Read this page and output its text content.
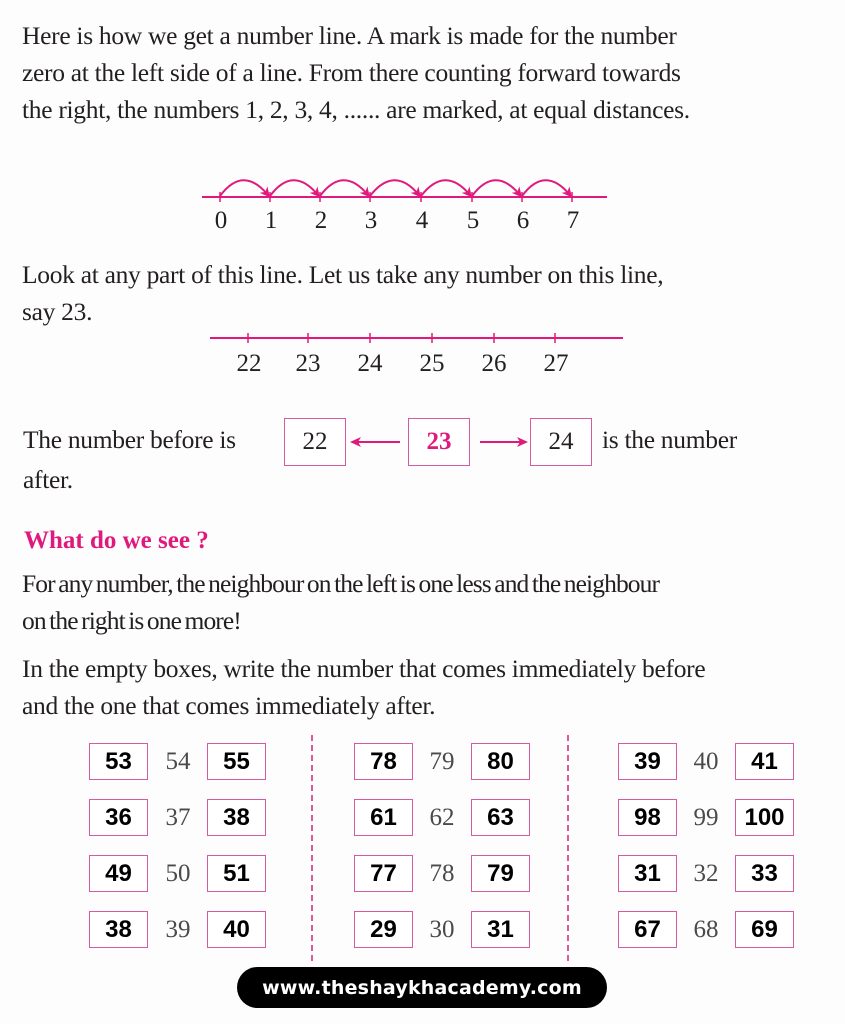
Here is how we get a number line. A mark is made for the number
zero at the left side of a line. From there counting forward towards
the right, the numbers 1, 2, 3, 4, ...... are marked, at equal distances.

0 1 2 3 4 5 6 7

Look at any part of this line. Let us take any number on this line,
say 23.

22 23 24 25 26 27
The number before is	22	23	24	is the number
after.
What do we see ?

For any number, the neighbour on the left is one less and the neighbour
on the right is one more!

In the empty boxes, write the number that comes immediately before
and the one that comes immediately after.

53	54	55
36	37	38
49	50	51
38	39	40
78	79	80
61	62	63
77	78	79
29	30	31
39	40	41
98	99	100
31	32	33
67	68	69
www.theshaykhacademy.com
